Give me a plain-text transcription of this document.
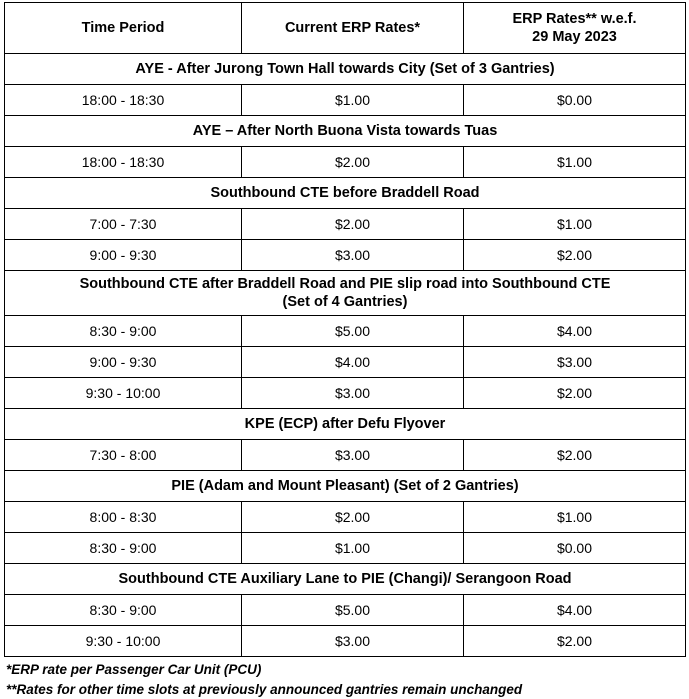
Time Period	Current ERP Rates*	ERP Rates** w.e.f.
29 May 2023
AYE - After Jurong Town Hall towards City (Set of 3 Gantries)		
18:00 - 18:30	$1.00	$0.00
AYE – After North Buona Vista towards Tuas		
18:00 - 18:30	$2.00	$1.00
Southbound CTE before Braddell Road		
7:00 - 7:30	$2.00	$1.00
9:00 - 9:30	$3.00	$2.00
Southbound CTE after Braddell Road and PIE slip road into Southbound CTE
(Set of 4 Gantries)		
8:30 - 9:00	$5.00	$4.00
9:00 - 9:30	$4.00	$3.00
9:30 - 10:00	$3.00	$2.00
KPE (ECP) after Defu Flyover		
7:30 - 8:00	$3.00	$2.00
PIE (Adam and Mount Pleasant) (Set of 2 Gantries)		
8:00 - 8:30	$2.00	$1.00
8:30 - 9:00	$1.00	$0.00
Southbound CTE Auxiliary Lane to PIE (Changi)/ Serangoon Road		
8:30 - 9:00	$5.00	$4.00
9:30 - 10:00	$3.00	$2.00
*ERP rate per Passenger Car Unit (PCU)
**Rates for other time slots at previously announced gantries remain unchanged
